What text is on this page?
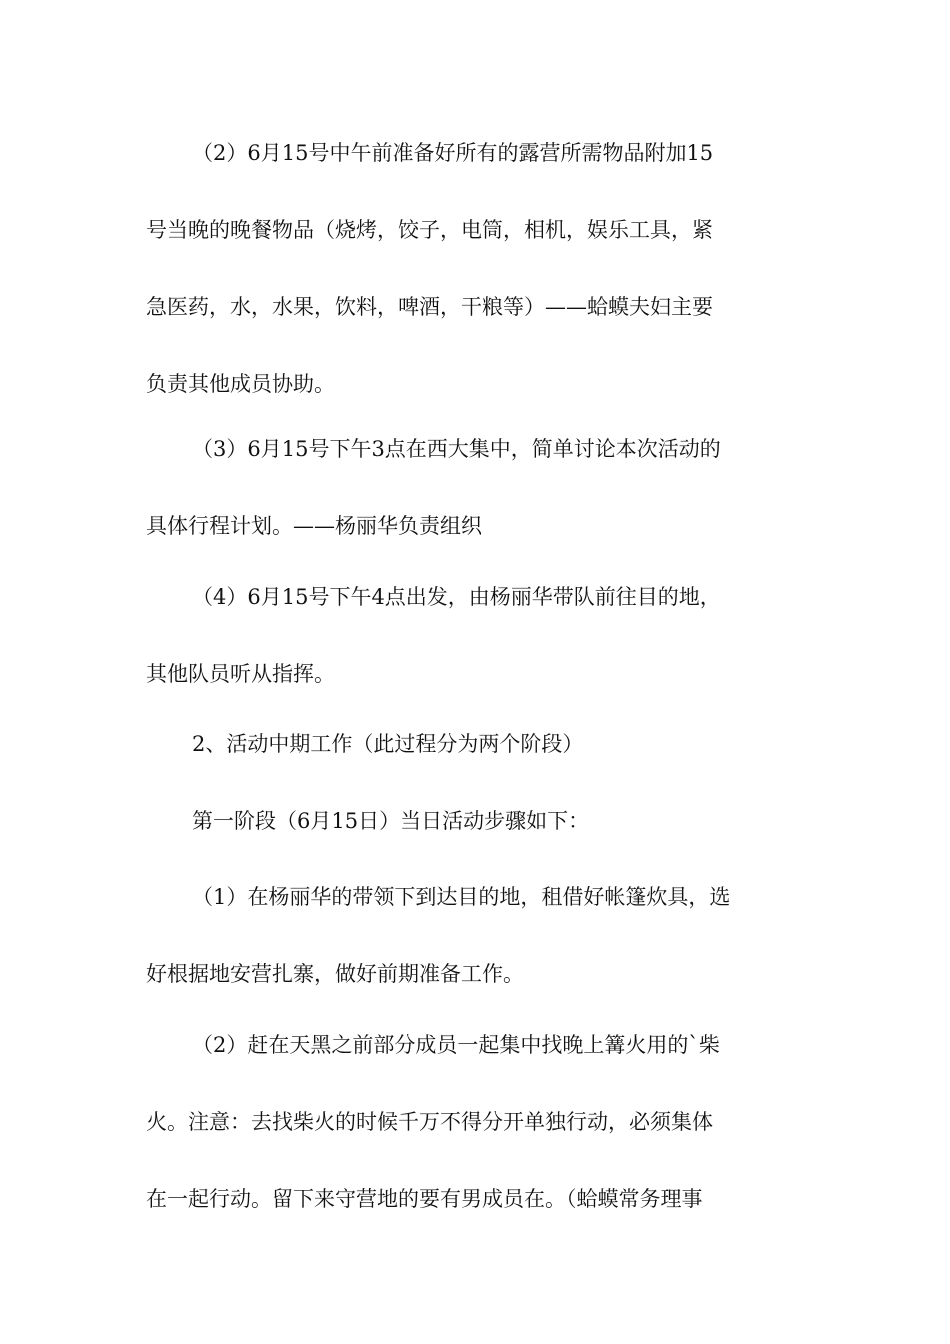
（2）6月15号中午前准备好所有的露营所需物品附加15
号当晚的晚餐物品（烧烤，饺子，电筒，相机，娱乐工具，紧
急医药，水，水果，饮料，啤酒，干粮等）——蛤蟆夫妇主要
负责其他成员协助。

（3）6月15号下午3点在西大集中，简单讨论本次活动的
具体行程计划。——杨丽华负责组织

（4）6月15号下午4点出发，由杨丽华带队前往目的地，
其他队员听从指挥。

2、活动中期工作（此过程分为两个阶段）

第一阶段（6月15日）当日活动步骤如下：

（1）在杨丽华的带领下到达目的地，租借好帐篷炊具，选
好根据地安营扎寨，做好前期准备工作。

（2）赶在天黑之前部分成员一起集中找晚上篝火用的`柴
火。注意：去找柴火的时候千万不得分开单独行动，必须集体
在一起行动。留下来守营地的要有男成员在。（蛤蟆常务理事
